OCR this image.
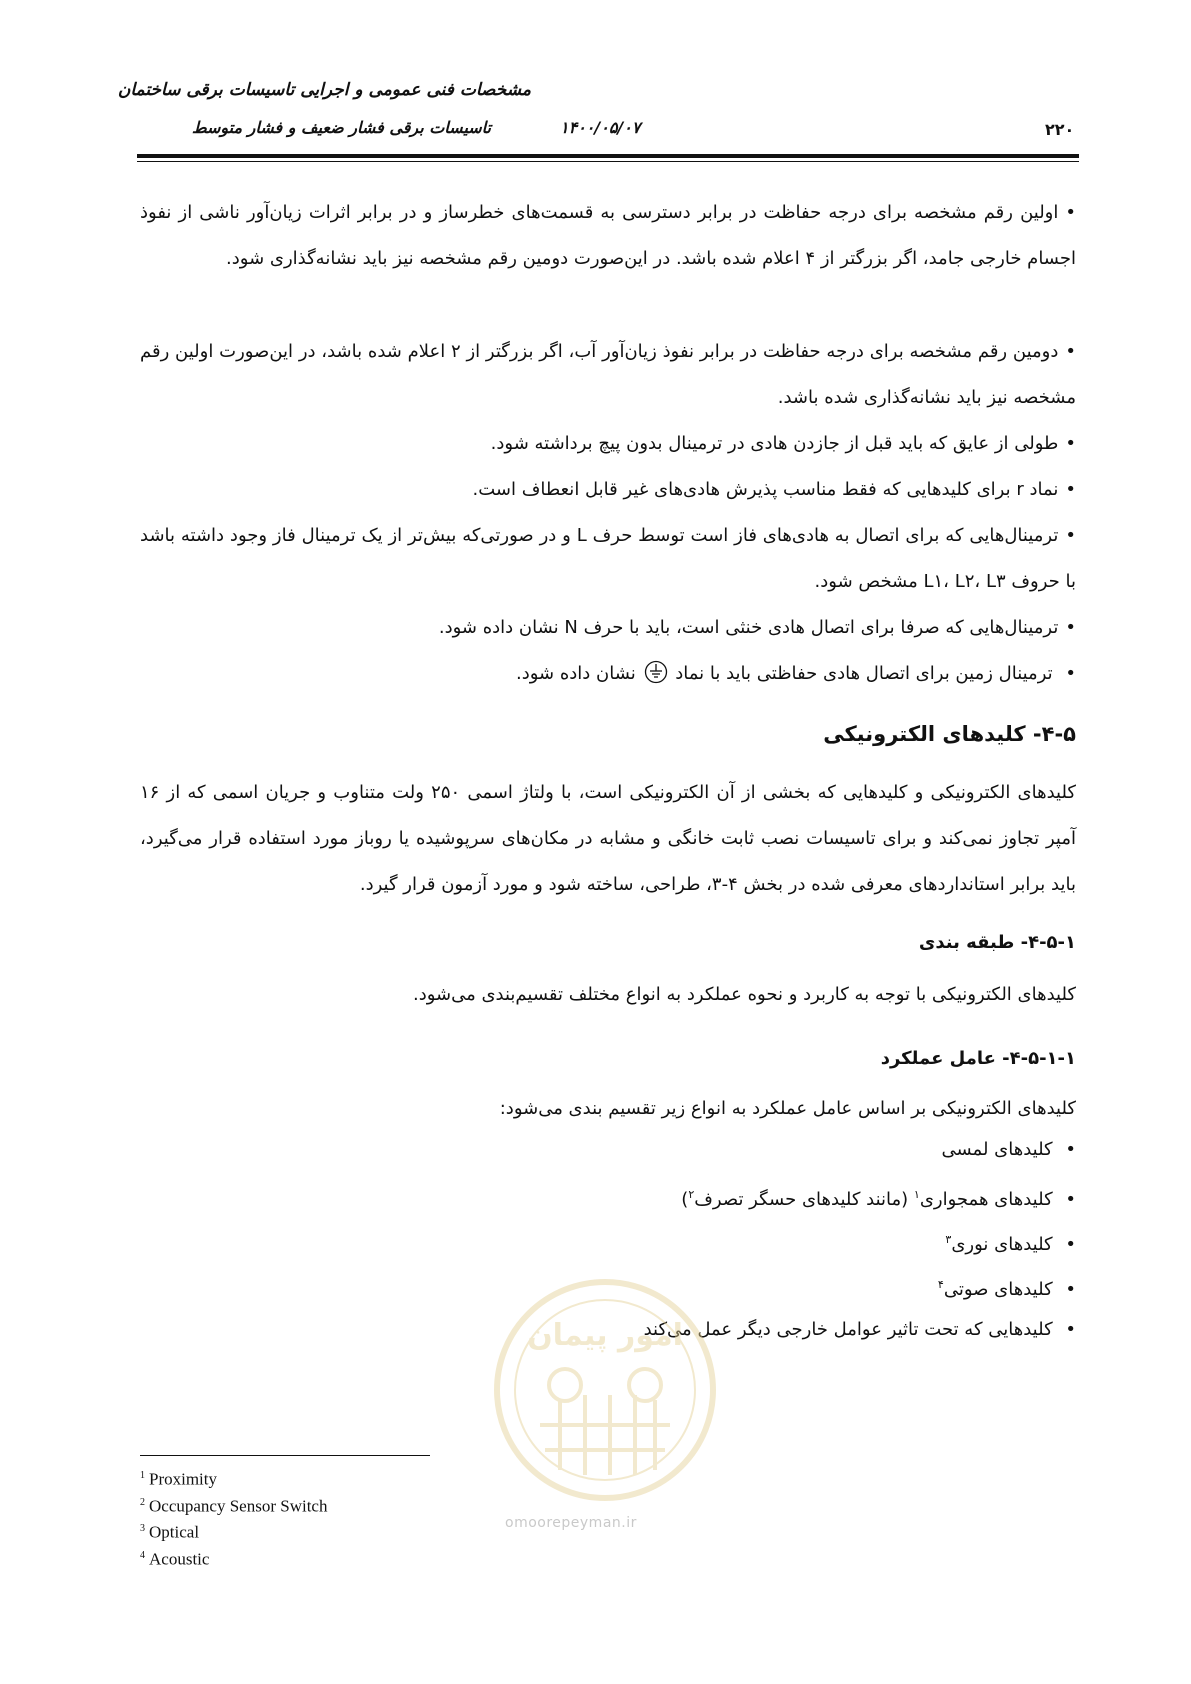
مشخصات فنی عمومی و اجرایی تاسیسات برقی ساختمان
تاسیسات برقی فشار ضعیف و فشار متوسط	۱۴۰۰/۰۵/۰۷	۲۲۰
• اولین رقم مشخصه برای درجه حفاظت در برابر دسترسی به قسمت‌های خطرساز و در برابر اثرات زیان‌آور ناشی از نفوذ اجسام خارجی جامد، اگر بزرگتر از ۴ اعلام شده باشد. در این‌صورت دومین رقم مشخصه نیز باید نشانه‌گذاری شود.
• دومین رقم مشخصه برای درجه حفاظت در برابر نفوذ زیان‌آور آب، اگر بزرگتر از ۲ اعلام شده باشد، در این‌صورت اولین رقم مشخصه نیز باید نشانه‌گذاری شده باشد.
• طولی از عایق که باید قبل از جازدن هادی در ترمینال بدون پیچ برداشته شود.
• نماد r برای کلیدهایی که فقط مناسب پذیرش هادی‌های غیر قابل انعطاف است.
• ترمینال‌هایی که برای اتصال به هادی‌های فاز است توسط حرف L و در صورتی‌که بیش‌تر از یک ترمینال فاز وجود داشته باشد با حروف L۱، L۲، L۳ مشخص شود.
• ترمینال‌هایی که صرفا برای اتصال هادی خنثی است، باید با حرف N نشان داده شود.
• ترمینال زمین برای اتصال هادی حفاظتی باید با نماد  نشان داده شود.
۴-۵- کلیدهای الکترونیکی
کلیدهای الکترونیکی و کلیدهایی که بخشی از آن الکترونیکی است، با ولتاژ اسمی ۲۵۰ ولت متناوب و جریان اسمی که از ۱۶ آمپر تجاوز نمی‌کند و برای تاسیسات نصب ثابت خانگی و مشابه در مکان‌های سرپوشیده یا روباز مورد استفاده قرار می‌گیرد، باید برابر استانداردهای معرفی شده در بخش ۴-۳، طراحی، ساخته شود و مورد آزمون قرار گیرد.
۴-۵-۱- طبقه بندی
کلیدهای الکترونیکی با توجه به کاربرد و نحوه عملکرد به انواع مختلف تقسیم‌بندی می‌شود.
۴-۵-۱-۱- عامل عملکرد
کلیدهای الکترونیکی بر اساس عامل عملکرد به انواع زیر تقسیم بندی می‌شود:
• کلیدهای لمسی
• کلیدهای همجواری$^۱$ (مانند کلیدهای حسگر تصرف$^۲$)
• کلیدهای نوری$^۳$
• کلیدهای صوتی$^۴$
• کلیدهایی که تحت تاثیر عوامل خارجی دیگر عمل می‌کند
امور پیمان
omoorepeyman.ir
$^1$ Proximity
$^2$ Occupancy Sensor Switch
$^3$ Optical
$^4$ Acoustic
